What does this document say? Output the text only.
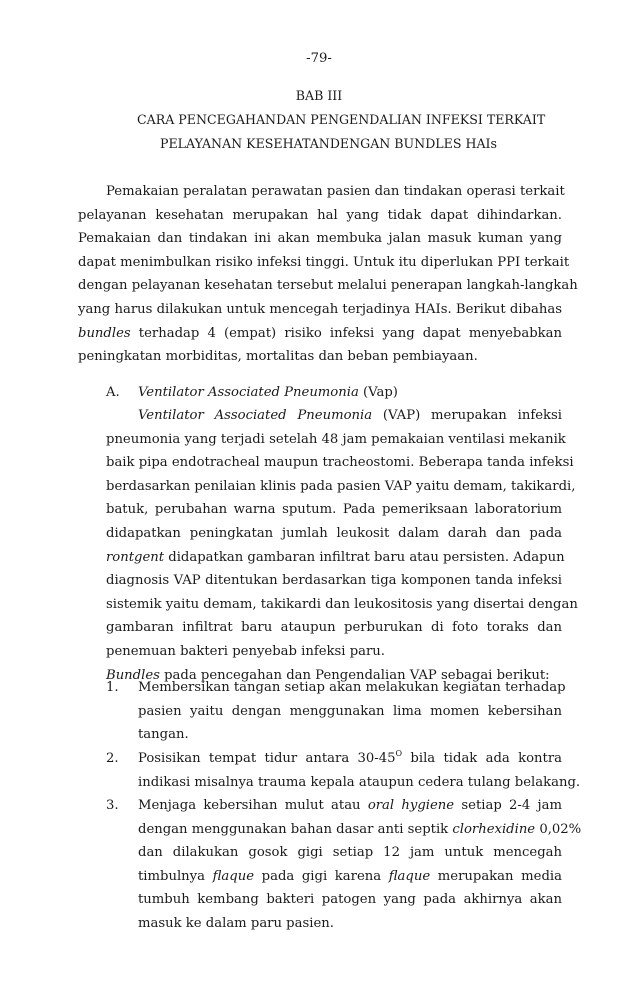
-79-
BAB III
CARA PENCEGAHANDAN PENGENDALIAN INFEKSI TERKAIT
PELAYANAN KESEHATANDENGAN BUNDLES HAIs
Pemakaian peralatan perawatan pasien dan tindakan operasi terkait
pelayanan kesehatan merupakan hal yang tidak dapat dihindarkan.
Pemakaian dan tindakan ini akan membuka jalan masuk kuman yang
dapat menimbulkan risiko infeksi tinggi. Untuk itu diperlukan PPI terkait
dengan pelayanan kesehatan tersebut melalui penerapan langkah-langkah
yang harus dilakukan untuk mencegah terjadinya HAIs. Berikut dibahas
bundles terhadap 4 (empat) risiko infeksi yang dapat menyebabkan
peningkatan morbiditas, mortalitas dan beban pembiayaan.
A. Ventilator Associated Pneumonia (Vap)
Ventilator Associated Pneumonia (VAP) merupakan infeksi
pneumonia yang terjadi setelah 48 jam pemakaian ventilasi mekanik
baik pipa endotracheal maupun tracheostomi. Beberapa tanda infeksi
berdasarkan penilaian klinis pada pasien VAP yaitu demam, takikardi,
batuk, perubahan warna sputum. Pada pemeriksaan laboratorium
didapatkan peningkatan jumlah leukosit dalam darah dan pada
rontgent didapatkan gambaran infiltrat baru atau persisten. Adapun
diagnosis VAP ditentukan berdasarkan tiga komponen tanda infeksi
sistemik yaitu demam, takikardi dan leukositosis yang disertai dengan
gambaran infiltrat baru ataupun perburukan di foto toraks dan
penemuan bakteri penyebab infeksi paru.
Bundles pada pencegahan dan Pengendalian VAP sebagai berikut:
1. Membersikan tangan setiap akan melakukan kegiatan terhadap
pasien yaitu dengan menggunakan lima momen kebersihan
tangan.
2. Posisikan tempat tidur antara $30-45^O$ bila tidak ada kontra
indikasi misalnya trauma kepala ataupun cedera tulang belakang.
3. Menjaga kebersihan mulut atau oral hygiene setiap 2-4 jam
dengan menggunakan bahan dasar anti septik clorhexidine 0,02%
dan dilakukan gosok gigi setiap 12 jam untuk mencegah
timbulnya flaque pada gigi karena flaque merupakan media
tumbuh kembang bakteri patogen yang pada akhirnya akan
masuk ke dalam paru pasien.
